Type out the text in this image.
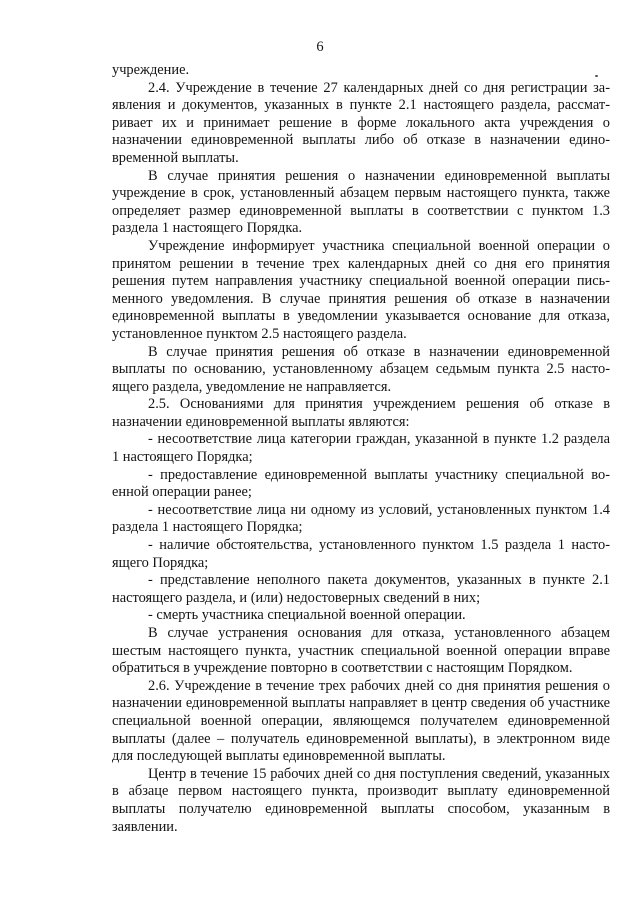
6

учреждение.

2.4. Учреждение в течение 27 календарных дней со дня регистрации заявления и документов, указанных в пункте 2.1 настоящего раздела, рассматривает их и принимает решение в форме локального акта учреждения о назначении единовременной выплаты либо об отказе в назначении единовременной выплаты.

В случае принятия решения о назначении единовременной выплаты учреждение в срок, установленный абзацем первым настоящего пункта, также определяет размер единовременной выплаты в соответствии с пунктом 1.3 раздела 1 настоящего Порядка.

Учреждение информирует участника специальной военной операции о принятом решении в течение трех календарных дней со дня его принятия решения путем направления участнику специальной военной операции письменного уведомления. В случае принятия решения об отказе в назначении единовременной выплаты в уведомлении указывается основание для отказа, установленное пунктом 2.5 настоящего раздела.

В случае принятия решения об отказе в назначении единовременной выплаты по основанию, установленному абзацем седьмым пункта 2.5 настоящего раздела, уведомление не направляется.

2.5. Основаниями для принятия учреждением решения об отказе в назначении единовременной выплаты являются:

- несоответствие лица категории граждан, указанной в пункте 1.2 раздела 1 настоящего Порядка;

- предоставление единовременной выплаты участнику специальной военной операции ранее;

- несоответствие лица ни одному из условий, установленных пунктом 1.4 раздела 1 настоящего Порядка;

- наличие обстоятельства, установленного пунктом 1.5 раздела 1 настоящего Порядка;

- представление неполного пакета документов, указанных в пункте 2.1 настоящего раздела, и (или) недостоверных сведений в них;

- смерть участника специальной военной операции.

В случае устранения основания для отказа, установленного абзацем шестым настоящего пункта, участник специальной военной операции вправе обратиться в учреждение повторно в соответствии с настоящим Порядком.

2.6. Учреждение в течение трех рабочих дней со дня принятия решения о назначении единовременной выплаты направляет в центр сведения об участнике специальной военной операции, являющемся получателем единовременной выплаты (далее – получатель единовременной выплаты), в электронном виде для последующей выплаты единовременной выплаты.

Центр в течение 15 рабочих дней со дня поступления сведений, указанных в абзаце первом настоящего пункта, производит выплату единовременной выплаты получателю единовременной выплаты способом, указанным в заявлении.
